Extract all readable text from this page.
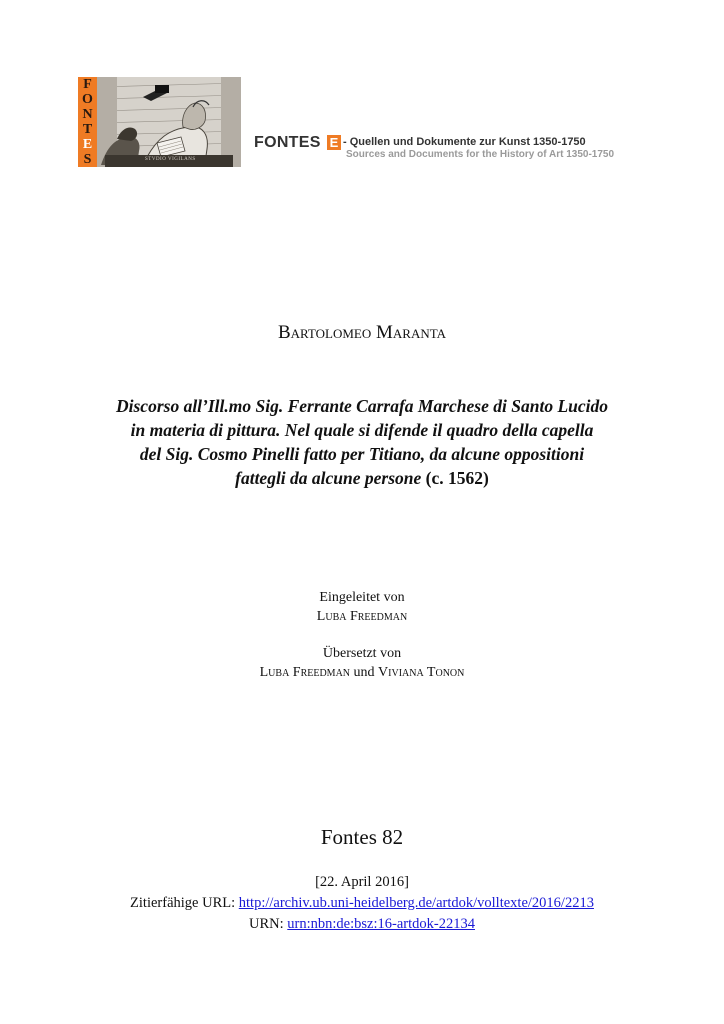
F
O
N
T
E
S	STVDIO VIGILANS
FONTES E - Quellen und Dokumente zur Kunst 1350-1750
Sources and Documents for the History of Art 1350-1750
Bartolomeo Maranta
Discorso all’Ill.mo Sig. Ferrante Carrafa Marchese di Santo Lucido
in materia di pittura. Nel quale si difende il quadro della capella
del Sig. Cosmo Pinelli fatto per Titiano, da alcune oppositioni
fattegli da alcune persone (c. 1562)
Eingeleitet von
Luba Freedman
Übersetzt von
Luba Freedman und Viviana Tonon
Fontes 82
[22. April 2016]
Zitierfähige URL: http://archiv.ub.uni-heidelberg.de/artdok/volltexte/2016/2213
URN: urn:nbn:de:bsz:16-artdok-22134
